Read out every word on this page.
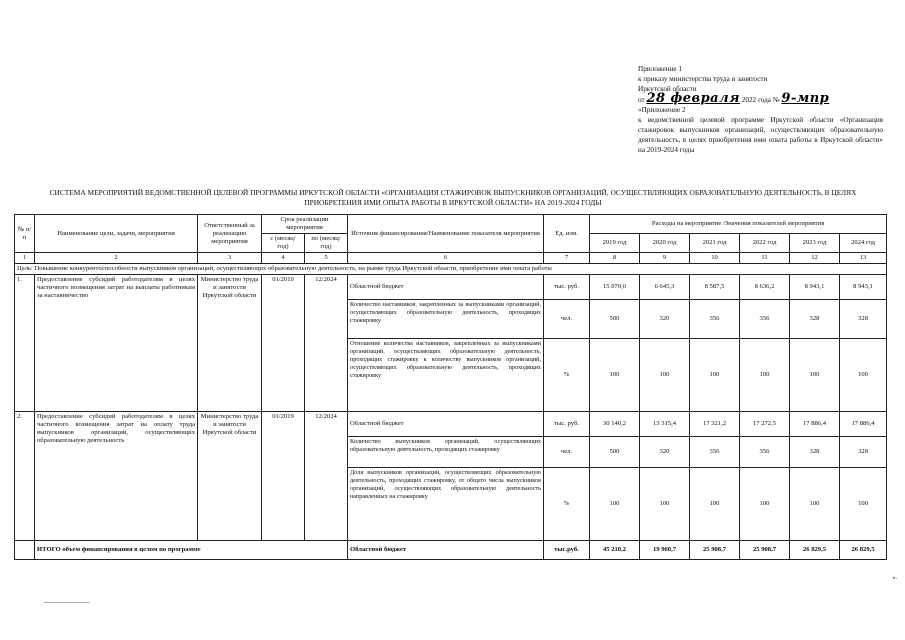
Приложение 1
к приказу министерства труда и занятости
Иркутской области
от 28 февраля 2022 года № 9-мпр
«Приложение 2
к ведомственной целевой программе Иркутской области «Организация стажировок выпускников организаций, осуществляющих образовательную деятельность, в целях приобретения ими опыта работы в Иркутской области» на 2019-2024 годы
СИСТЕМА МЕРОПРИЯТИЙ ВЕДОМСТВЕННОЙ ЦЕЛЕВОЙ ПРОГРАММЫ ИРКУТСКОЙ ОБЛАСТИ «ОРГАНИЗАЦИЯ СТАЖИРОВОК ВЫПУСКНИКОВ ОРГАНИЗАЦИЙ, ОСУЩЕСТВЛЯЮЩИХ ОБРАЗОВАТЕЛЬНУЮ ДЕЯТЕЛЬНОСТЬ, В ЦЕЛЯХ ПРИОБРЕТЕНИЯ ИМИ ОПЫТА РАБОТЫ В ИРКУТСКОЙ ОБЛАСТИ» НА 2019-2024 ГОДЫ
№ п/п	Наименование цели, задачи, мероприятия	Ответственный за реализацию мероприятия	Срок реализации мероприятия		Источник финансирования/Наименование показателя мероприятия	Ед. изм.	Расходы на мероприятие /Значения показателей мероприятия					
			с (месяц/ год)	по (месяц/ год)			2019 год	2020 год	2021 год	2022 год	2023 год	2024 год
1	2	3	4	5	6	7	8	9	10	11	12	13
Цель: Повышение конкурентоспособности выпускников организаций, осуществляющих образовательную деятельность, на рынке труда Иркутской области, приобретение ими опыта работы												
1.	Предоставление субсидий работодателям в целях частичного возмещения затрат на выплаты работникам за наставничество	Министерство труда и занятости Иркутской области	01/2019	12/2024	Областной бюджет	тыс. руб.	15 070,0	6 645,3	8 587,5	8 636,2	8 943,1	8 943,1
					Количество наставников, закрепленных за выпускниками организаций, осуществляющих образовательную деятельность, проходящих стажировку	чел.	500	320	356	356	328	328
					Отношение количества наставников, закрепленных за выпускниками организаций, осуществляющих образовательную деятельность, проходящих стажировку к количеству выпускников организаций, осуществляющих образовательную деятельность, проходящих стажировку	%	100	100	100	100	100	100
2.	Предоставление субсидий работодателям в целях частичного возмещения затрат на оплату труда выпускников организаций, осуществляющих образовательную деятельность	Министерство труда и занятости Иркутской области	01/2019	12/2024	Областной бюджет	тыс. руб.	30 140,2	13 315,4	17 321,2	17 272,5	17 886,4	17 886,4
					Количество выпускников организаций, осуществляющих образовательную деятельность, проходящих стажировку	чел.	500	320	356	356	328	328
					Доля выпускников организаций, осуществляющих образовательную деятельность, проходящих стажировку, от общего числа выпускников организаций, осуществляющих образовательную деятельность направленных на стажировку	%	100	100	100	100	100	100
	ИТОГО объем финансирования в целом по программе				Областной бюджет	тыс.руб.	45 210,2	19 960,7	25 908,7	25 908,7	26 829,5	26 829,5
».
_____________
